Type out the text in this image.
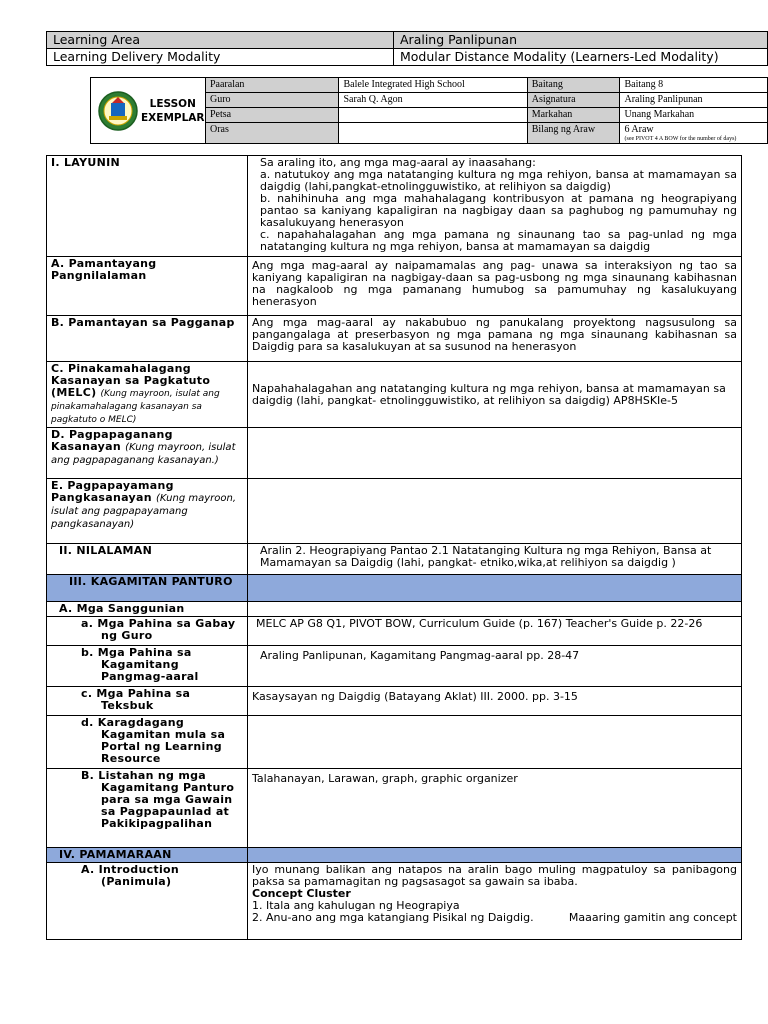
Learning Area	Araling Panlipunan
Learning Delivery Modality	Modular Distance Modality (Learners-Led Modality)
LESSON
EXEMPLAR	Paaralan	Balele Integrated High School	Baitang	Baitang 8
	Guro	Sarah Q. Agon	Asignatura	Araling Panlipunan
	Petsa		Markahan	Unang Markahan
	Oras		Bilang ng Araw	6 Araw
(see PIVOT 4 A BOW for the number of days)
I. LAYUNIN	Sa araling ito, ang mga mag-aaral ay inaasahang:
a. natutukoy ang mga natatanging kultura ng mga rehiyon, bansa at mamamayan sa daigdig (lahi,pangkat-etnolingguwistiko, at relihiyon sa daigdig)
b. nahihinuha ang mga mahahalagang kontribusyon at pamana ng heograpiyang pantao sa kaniyang kapaligiran na nagbigay daan sa paghubog ng pamumuhay ng kasalukuyang henerasyon
c. napahahalagahan ang mga pamana ng sinaunang tao sa pag-unlad ng mga natatanging kultura ng mga rehiyon, bansa at mamamayan sa daigdig

A. Pamantayang Pangnilalaman	Ang mga mag-aaral ay naipamamalas ang pag- unawa sa interaksiyon ng tao sa kaniyang kapaligiran na nagbigay-daan sa pag-usbong ng mga sinaunang kabihasnan na nagkaloob ng mga pamanang humubog sa pamumuhay ng kasalukuyang henerasyon
B. Pamantayan sa Pagganap	Ang mga mag-aaral ay nakabubuo ng panukalang proyektong nagsusulong sa pangangalaga at preserbasyon ng mga pamana ng mga sinaunang kabihasnan sa Daigdig para sa kasalukuyan at sa susunod na henerasyon
C. Pinakamahalagang Kasanayan sa Pagkatuto (MELC) (Kung mayroon, isulat ang pinakamahalagang kasanayan sa pagkatuto o MELC)	Napahahalagahan ang natatanging kultura ng mga rehiyon, bansa at mamamayan sa daigdig (lahi, pangkat- etnolingguwistiko, at relihiyon sa daigdig) AP8HSKIe-5
D. Pagpapaganang Kasanayan (Kung mayroon, isulat ang pagpapaganang kasanayan.)	
E. Pagpapayamang Pangkasanayan (Kung mayroon, isulat ang pagpapayamang pangkasanayan)	
II. NILALAMAN	Aralin 2. Heograpiyang Pantao 2.1 Natatanging Kultura ng mga Rehiyon, Bansa at Mamamayan sa Daigdig (lahi, pangkat- etniko,wika,at relihiyon sa daigdig )
III. KAGAMITAN PANTURO	
A. Mga Sanggunian	

a. Mga Pahina sa Gabay ng Guro	MELC AP G8 Q1, PIVOT BOW, Curriculum Guide (p. 167) Teacher's Guide p. 22-26

b. Mga Pahina sa Kagamitang Pangmag-aaral	Araling Panlipunan, Kagamitang Pangmag-aaral pp. 28-47

c. Mga Pahina sa Teksbuk	Kasaysayan ng Daigdig (Batayang Aklat) III. 2000. pp. 3-15

d. Karagdagang Kagamitan mula sa Portal ng Learning Resource	

B. Listahan ng mga Kagamitang Panturo para sa mga Gawain sa Pagpapaunlad at Pakikipagpalihan	Talahanayan, Larawan, graph, graphic organizer
IV. PAMAMARAAN	

A. Introduction (Panimula)	Iyo munang balikan ang natapos na aralin bago muling magpatuloy sa panibagong paksa sa pamamagitan ng pagsasagot sa gawain sa ibaba.
Concept Cluster
1. Itala ang kahulugan ng Heograpiya
2. Anu-ano ang mga katangiang Pisikal ng Daigdig. Maaaring gamitin ang concept
